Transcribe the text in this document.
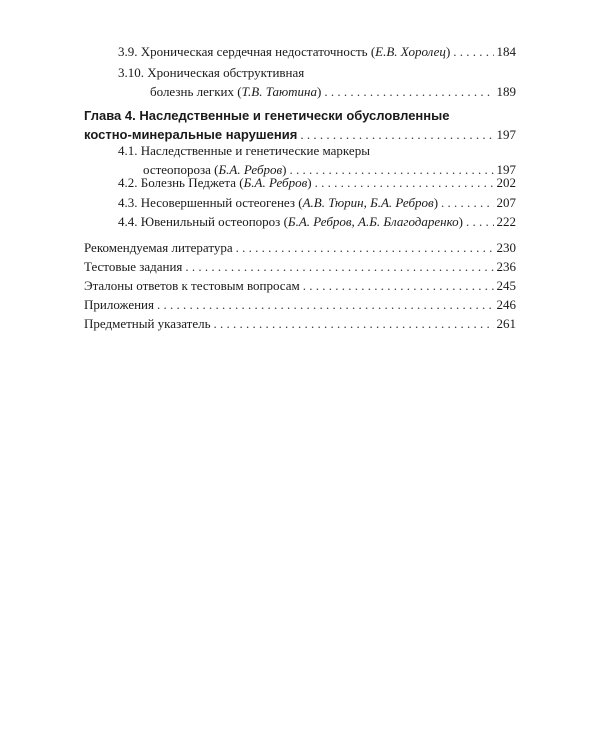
3.9. Хроническая сердечная недостаточность (Е.В. Хоролец) . . .	184
3.10. Хроническая обструктивная
болезнь легких (Т.В. Таютина) . . .	189
Глава 4. Наследственные и генетически обусловленные
костно-минеральные нарушения . . .	197
4.1. Наследственные и генетические маркеры
остеопороза (Б.А. Ребров) . . .	197
4.2. Болезнь Педжета (Б.А. Ребров) . . .	202
4.3. Несовершенный остеогенез (А.В. Тюрин, Б.А. Ребров) . . .	207
4.4. Ювенильный остеопороз (Б.А. Ребров, А.Б. Благодаренко) . . .	222
Рекомендуемая литература . . .	230
Тестовые задания . . .	236
Эталоны ответов к тестовым вопросам . . .	245
Приложения . . .	246
Предметный указатель . . .	261
